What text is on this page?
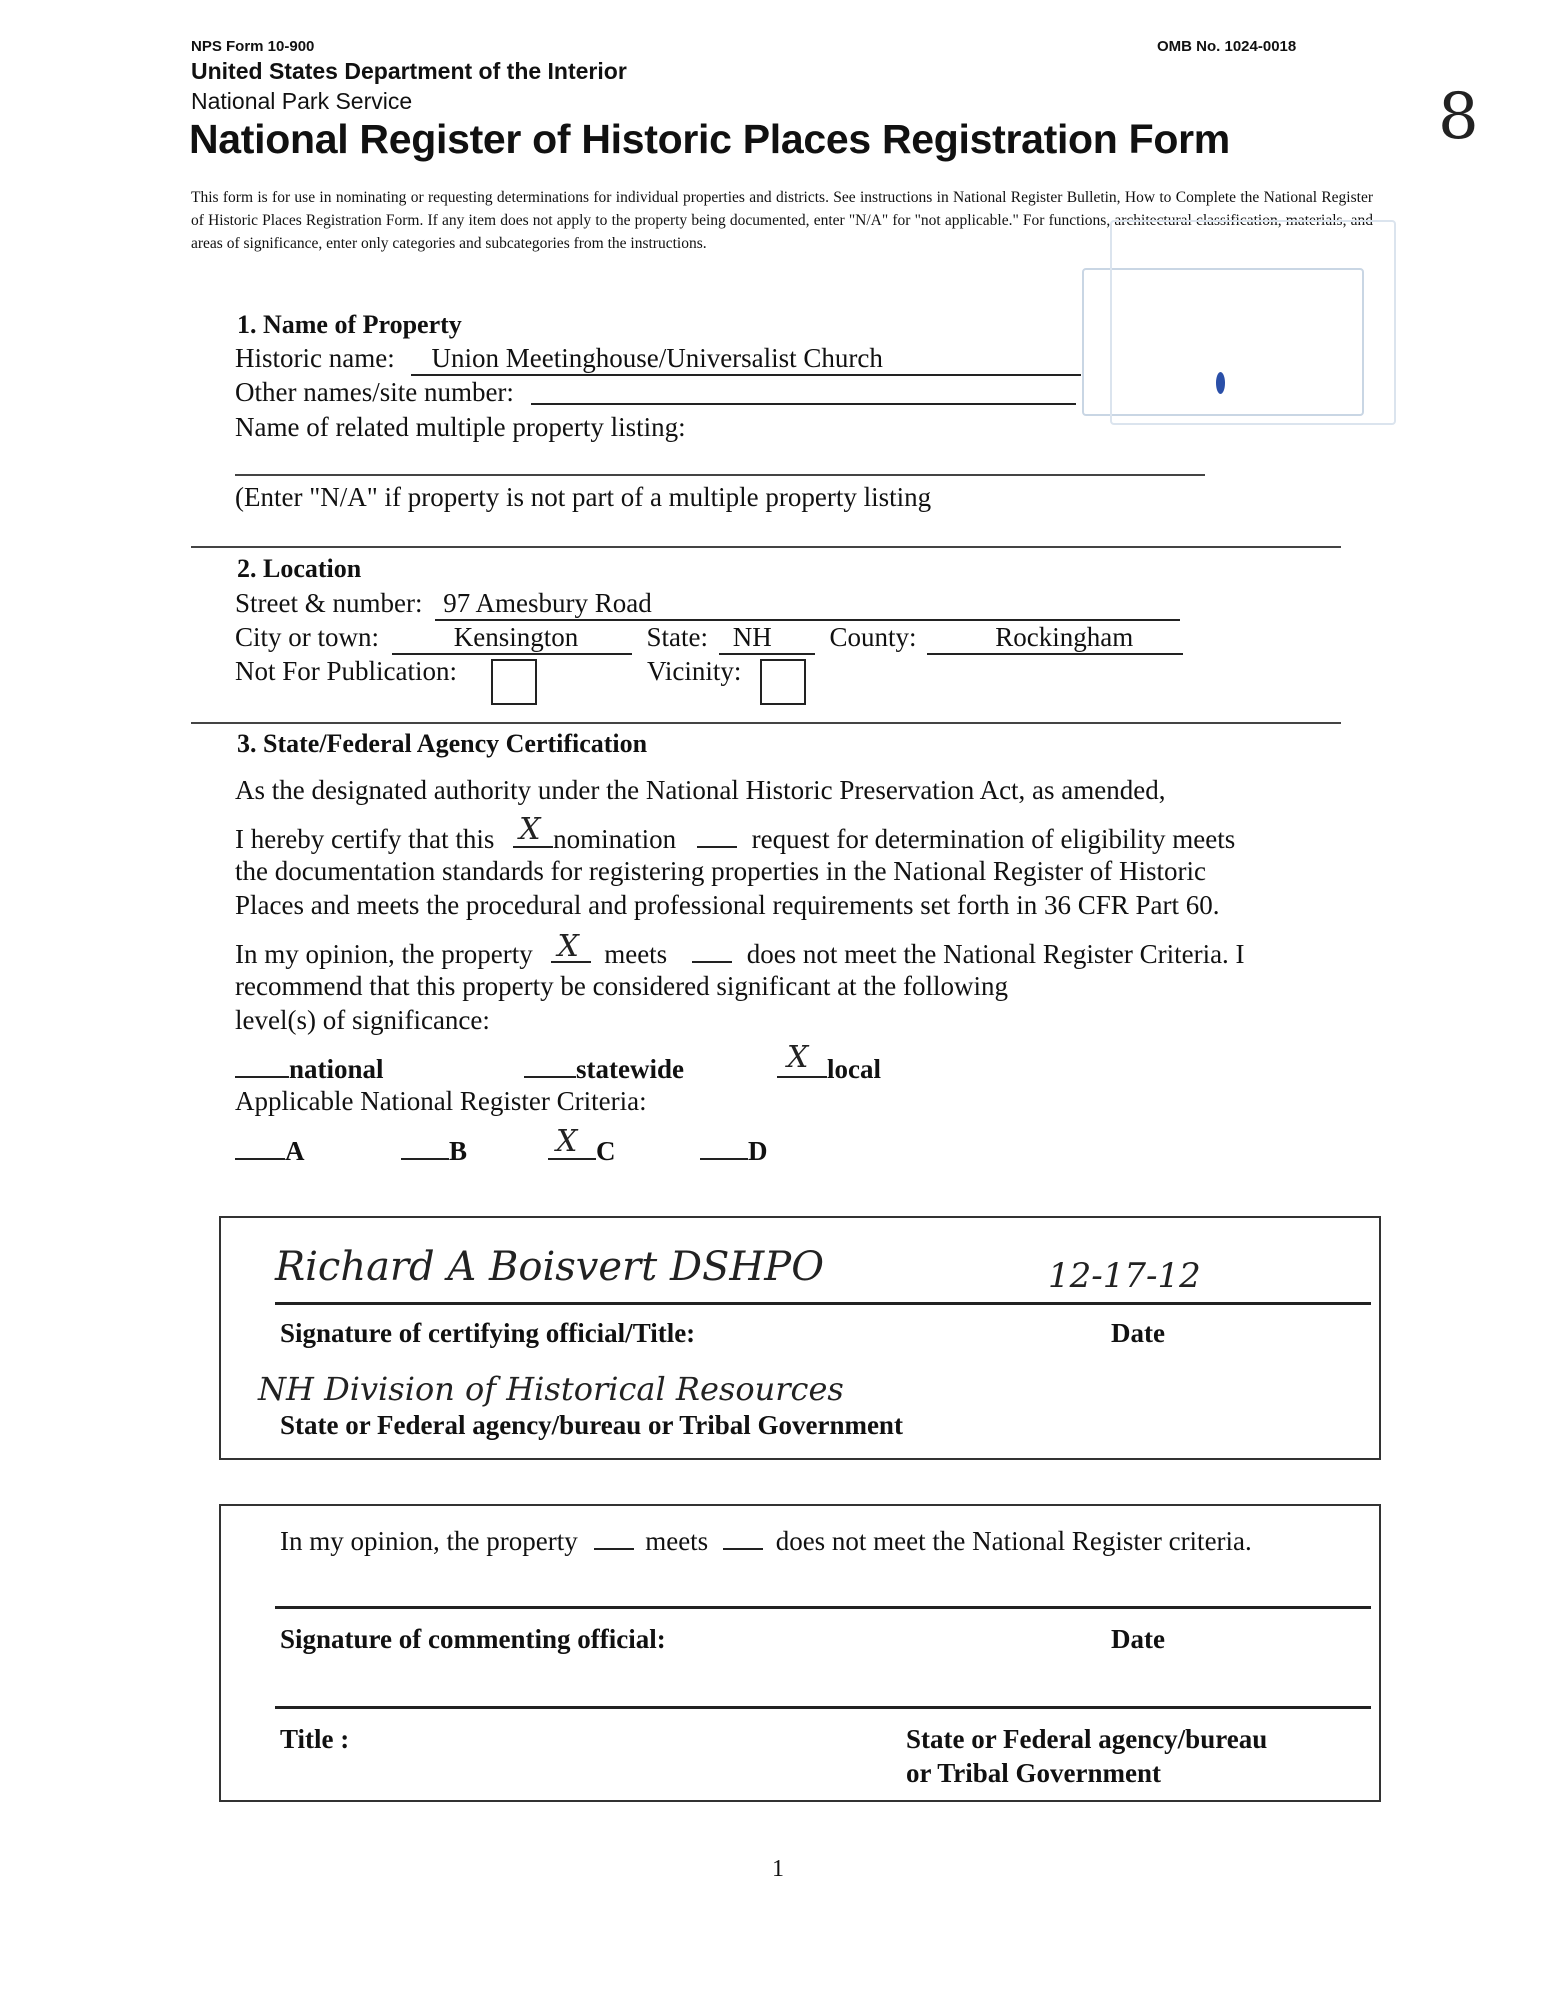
NPS Form 10-900	OMB No. 1024-0018
United States Department of the Interior
National Park Service
National Register of Historic Places Registration Form	8
This form is for use in nominating or requesting determinations for individual properties and districts. See instructions in National Register Bulletin, How to Complete the National Register of Historic Places Registration Form. If any item does not apply to the property being documented, enter "N/A" for "not applicable." For functions, architectural classification, materials, and areas of significance, enter only categories and subcategories from the instructions.
1. Name of Property
Historic name: Union Meetinghouse/Universalist Church
Other names/site number:
Name of related multiple property listing:
(Enter "N/A" if property is not part of a multiple property listing
2. Location
Street & number: 97 Amesbury Road
City or town:	Kensington	State: NH County:	Rockingham
Not For Publication:	Vicinity:
3. State/Federal Agency Certification
As the designated authority under the National Historic Preservation Act, as amended,
I hereby certify that this X nomination	request for determination of eligibility meets
the documentation standards for registering properties in the National Register of Historic
Places and meets the procedural and professional requirements set forth in 36 CFR Part 60.
In my opinion, the property X meets	does not meet the National Register Criteria. I
recommend that this property be considered significant at the following
level(s) of significance:
national	statewide	X local
Applicable National Register Criteria:
A	B	X C	D
Richard A Boisvert DSHPO	12-17-12
Signature of certifying official/Title:	Date
NH Division of Historical Resources
State or Federal agency/bureau or Tribal Government
In my opinion, the property	meets	does not meet the National Register criteria.
Signature of commenting official:	Date
Title :	State or Federal agency/bureau
or Tribal Government
1
